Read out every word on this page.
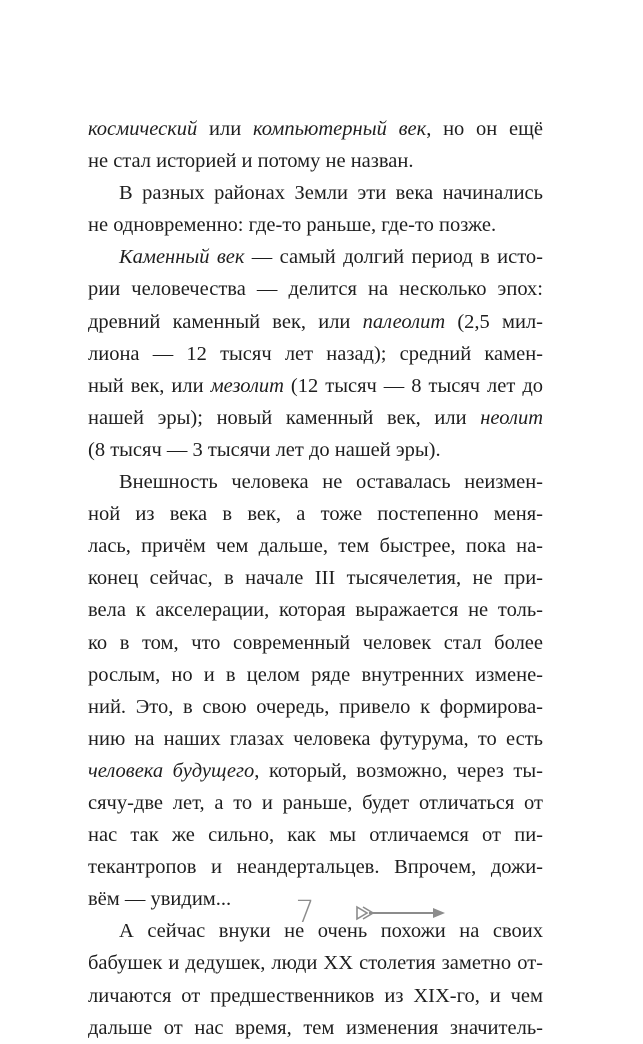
космический или компьютерный век, но он ещё
не стал историей и потому не назван.
В разных районах Земли эти века начинались
не одновременно: где-то раньше, где-то позже.
Каменный век — самый долгий период в исто-
рии человечества — делится на несколько эпох:
древний каменный век, или палеолит (2,5 мил-
лиона — 12 тысяч лет назад); средний камен-
ный век, или мезолит (12 тысяч — 8 тысяч лет до
нашей эры); новый каменный век, или неолит
(8 тысяч — 3 тысячи лет до нашей эры).
Внешность человека не оставалась неизмен-
ной из века в век, а тоже постепенно меня-
лась, причём чем дальше, тем быстрее, пока на-
конец сейчас, в начале III тысячелетия, не при-
вела к акселерации, которая выражается не толь-
ко в том, что современный человек стал более
рослым, но и в целом ряде внутренних измене-
ний. Это, в свою очередь, привело к формирова-
нию на наших глазах человека футурума, то есть
человека будущего, который, возможно, через ты-
сячу-две лет, а то и раньше, будет отличаться от
нас так же сильно, как мы отличаемся от пи-
текантропов и неандертальцев. Впрочем, дожи-
вём — увидим...
А сейчас внуки не очень похожи на своих
бабушек и дедушек, люди XX столетия заметно от-
личаются от предшественников из XIX-го, и чем
дальше от нас время, тем изменения значитель-
7
